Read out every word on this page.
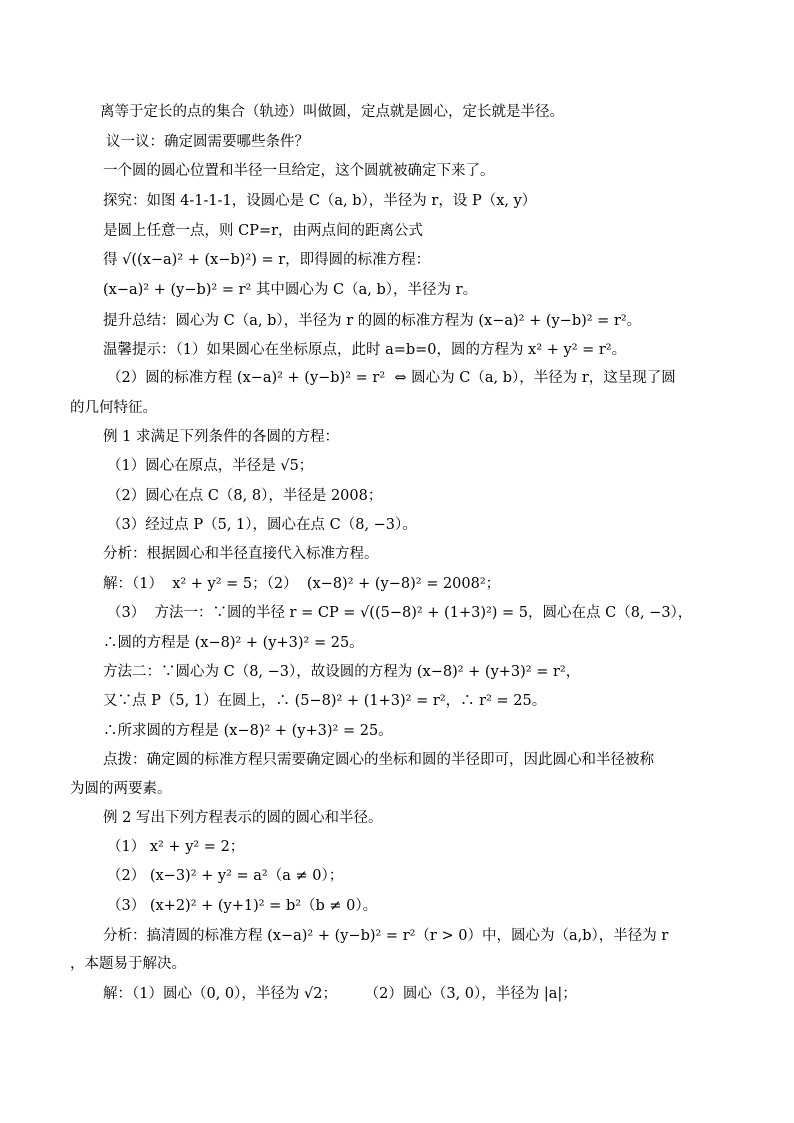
离等于定长的点的集合（轨迹）叫做圆，定点就是圆心，定长就是半径。
议一议：确定圆需要哪些条件？
一个圆的圆心位置和半径一旦给定，这个圆就被确定下来了。
探究：如图 4-1-1-1，设圆心是 C（a, b），半径为 r，设 P（x, y）
是圆上任意一点，则 CP=r，由两点间的距离公式
得 √((x−a)² + (x−b)²) = r，即得圆的标准方程：
(x−a)² + (y−b)² = r² 其中圆心为 C（a, b），半径为 r。
提升总结：圆心为 C（a, b），半径为 r 的圆的标准方程为 (x−a)² + (y−b)² = r²。
温馨提示：（1）如果圆心在坐标原点，此时 a=b=0，圆的方程为 x² + y² = r²。
（2）圆的标准方程 (x−a)² + (y−b)² = r²  ⇔ 圆心为 C（a, b），半径为 r，这呈现了圆
的几何特征。
例 1 求满足下列条件的各圆的方程：
（1）圆心在原点，半径是 √5；
（2）圆心在点 C（8, 8），半径是 2008；
（3）经过点 P（5, 1），圆心在点 C（8, −3）。
分析：根据圆心和半径直接代入标准方程。
解：（1）  x² + y² = 5；（2）  (x−8)² + (y−8)² = 2008²；
（3）  方法一：∵圆的半径 r = CP = √((5−8)² + (1+3)²) = 5，圆心在点 C（8, −3），
∴圆的方程是 (x−8)² + (y+3)² = 25。
方法二：∵圆心为 C（8, −3），故设圆的方程为 (x−8)² + (y+3)² = r²，
又∵点 P（5, 1）在圆上，∴ (5−8)² + (1+3)² = r²，∴ r² = 25。
∴所求圆的方程是 (x−8)² + (y+3)² = 25。
点拨：确定圆的标准方程只需要确定圆心的坐标和圆的半径即可，因此圆心和半径被称
为圆的两要素。
例 2 写出下列方程表示的圆的圆心和半径。
（1） x² + y² = 2；
（2） (x−3)² + y² = a²（a ≠ 0）；
（3） (x+2)² + (y+1)² = b²（b ≠ 0）。
分析：搞清圆的标准方程 (x−a)² + (y−b)² = r²（r > 0）中，圆心为（a,b），半径为 r
，本题易于解决。
解：（1）圆心（0, 0），半径为 √2；      （2）圆心（3, 0），半径为 |a|；
